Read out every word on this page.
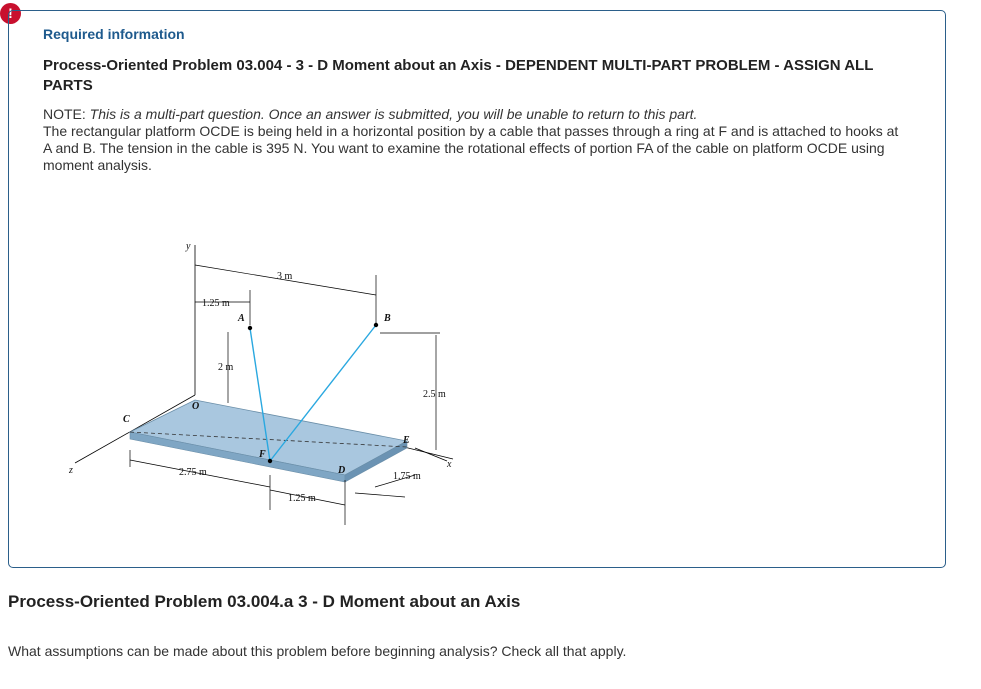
!
Required information
Process-Oriented Problem 03.004 - 3 - D Moment about an Axis - DEPENDENT MULTI-PART PROBLEM - ASSIGN ALL PARTS
NOTE: This is a multi-part question. Once an answer is submitted, you will be unable to return to this part.
The rectangular platform OCDE is being held in a horizontal position by a cable that passes through a ring at F and is attached to hooks at A and B. The tension in the cable is 395 N. You want to examine the rotational effects of portion FA of the cable on platform OCDE using moment analysis.
y
x
z
A	B
C
D
E
F
O
3 m
1.25 m
2 m
2.5 m
2.75 m
1.25 m
1.75 m
Process-Oriented Problem 03.004.a 3 - D Moment about an Axis
What assumptions can be made about this problem before beginning analysis? Check all that apply.
